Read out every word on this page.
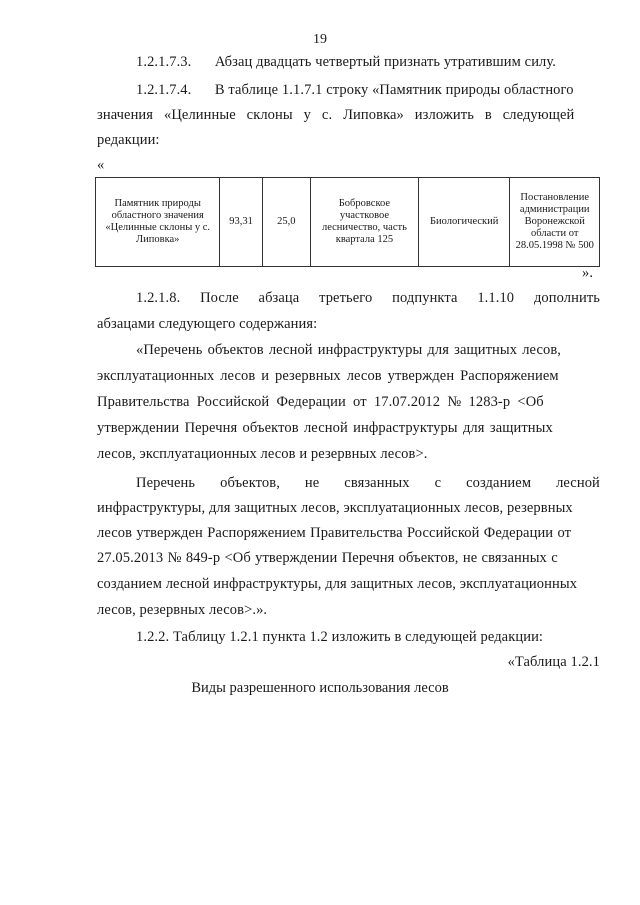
19
1.2.1.7.3. Абзац двадцать четвертый признать утратившим силу.
1.2.1.7.4. В таблице 1.1.7.1 строку «Памятник природы областного
значения «Целинные склоны у с. Липовка» изложить в следующей
редакции:
«
Памятник природы областного значения «Целинные склоны у с. Липовка»	93,31	25,0	Бобровское участковое лесничество, часть квартала 125	Биологический	Постановление администрации Воронежской области от 28.05.1998 № 500
».
1.2.1.8. После абзаца третьего подпункта 1.1.10 дополнить
абзацами следующего содержания:
«Перечень объектов лесной инфраструктуры для защитных лесов,
эксплуатационных лесов и резервных лесов утвержден Распоряжением
Правительства Российской Федерации от 17.07.2012 № 1283-р <Об
утверждении Перечня объектов лесной инфраструктуры для защитных
лесов, эксплуатационных лесов и резервных лесов>.
Перечень объектов, не связанных с созданием лесной
инфраструктуры, для защитных лесов, эксплуатационных лесов, резервных
лесов утвержден Распоряжением Правительства Российской Федерации от
27.05.2013 № 849-р <Об утверждении Перечня объектов, не связанных с
созданием лесной инфраструктуры, для защитных лесов, эксплуатационных
лесов, резервных лесов>.».
1.2.2. Таблицу 1.2.1 пункта 1.2 изложить в следующей редакции:
«Таблица 1.2.1
Виды разрешенного использования лесов
